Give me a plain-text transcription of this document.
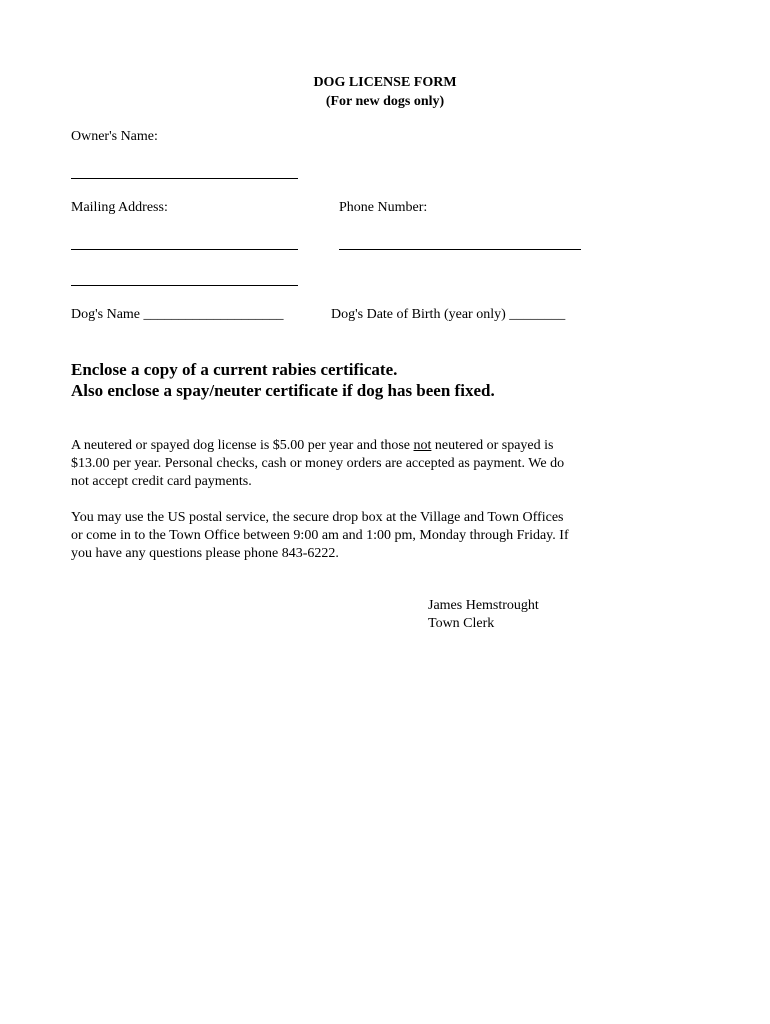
DOG LICENSE FORM
(For new dogs only)
Owner's Name:
Mailing Address:	Phone Number:
Dog's Name ____________________	Dog's Date of Birth (year only) ________
Enclose a copy of a current rabies certificate.
Also enclose a spay/neuter certificate if dog has been fixed.
A neutered or spayed dog license is $5.00 per year and those not neutered or spayed is $13.00 per year. Personal checks, cash or money orders are accepted as payment. We do not accept credit card payments.
You may use the US postal service, the secure drop box at the Village and Town Offices or come in to the Town Office between 9:00 am and 1:00 pm, Monday through Friday. If you have any questions please phone 843-6222.
James Hemstrought
Town Clerk
